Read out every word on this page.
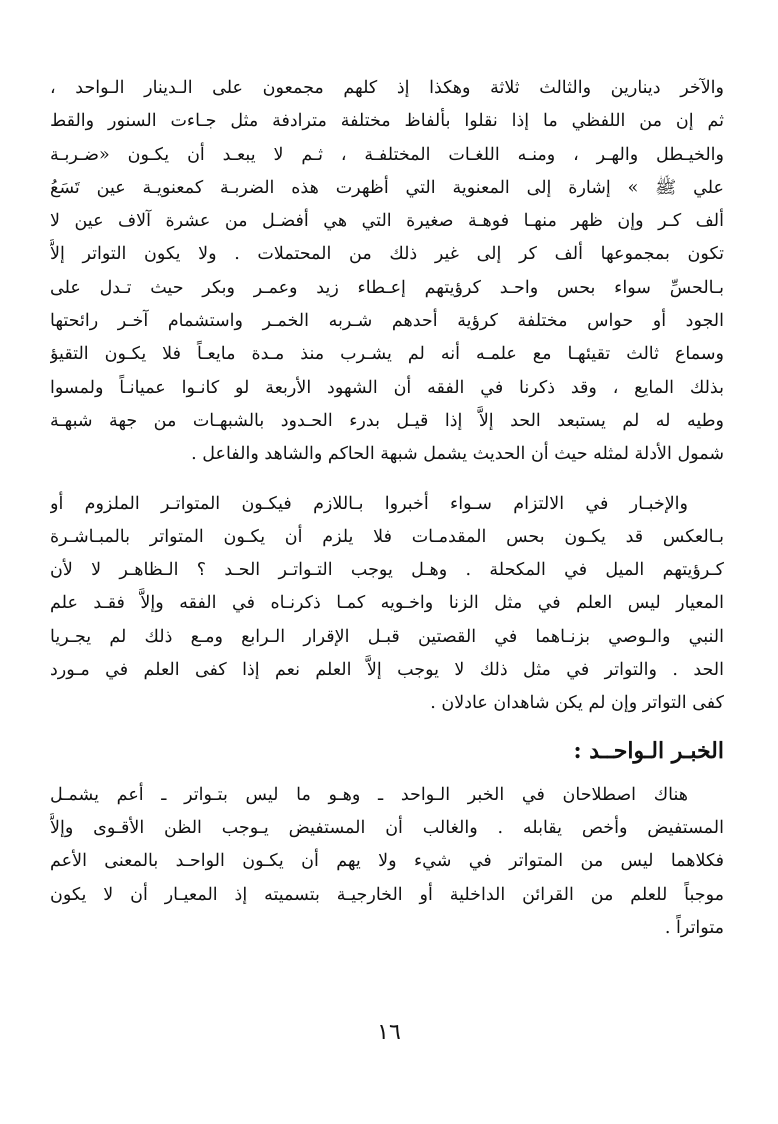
والآخر دينارين والثالث ثلاثة وهكذا إذ كلهم مجمعون على الـدينار الـواحد ،
ثم إن من اللفظي ما إذا نقلوا بألفاظ مختلفة مترادفة مثل جـاءت السنور والقط
والخيـطل والهـر ، ومنـه اللغـات المختلفـة ، ثـم لا يبعـد أن يكـون «ضـربـة
علي ﷺ » إشارة إلى المعنوية التي أظهرت هذه الضربـة كمعنويـة عين تَسَعُ
ألف كـر وإن ظهر منهـا فوهـة صغيرة التي هي أفضـل من عشرة آلاف عين لا
تكون بمجموعها ألف كر إلى غير ذلك من المحتملات . ولا يكون التواتر إلاَّ
بـالحسِّ سواء بحس واحـد كرؤيتهم إعـطاء زيد وعمـر وبكر حيث تـدل على
الجود أو حواس مختلفة كرؤية أحدهم شـربه الخمـر واستشمام آخـر رائحتها
وسماع ثالث تقيئهـا مع علمـه أنه لم يشـرب منذ مـدة مايعـاً فلا يكـون التقيؤ
بذلك المايع ، وقد ذكرنا في الفقه أن الشهود الأربعة لو كانـوا عميانـاً ولمسوا
وطيه له لم يستبعد الحد إلاَّ إذا قيـل بدرء الحـدود بالشبهـات من جهة شبهـة
شمول الأدلة لمثله حيث أن الحديث يشمل شبهة الحاكم والشاهد والفاعل .
والإخبـار في الالتزام سـواء أخبروا بـاللازم فيكـون المتواتـر الملزوم أو
بـالعكس قد يكـون بحس المقدمـات فلا يلزم أن يكـون المتواتر بالمبـاشـرة
كـرؤيتهم الميل في المكحلة . وهـل يوجب التـواتـر الحـد ؟ الـظاهـر لا لأن
المعيار ليس العلم في مثل الزنا واخـويه كمـا ذكرنـاه في الفقه وإلاَّ فقـد علم
النبي والـوصي بزنـاهما في القصتين قبـل الإقرار الـرابع ومـع ذلك لم يجـريا
الحد . والتواتر في مثل ذلك لا يوجب إلاَّ العلم نعم إذا كفى العلم في مـورد
كفى التواتر وإن لم يكن شاهدان عادلان .
الخبـر الـواحــد :
هناك اصطلاحان في الخبر الـواحد ـ وهـو ما ليس بتـواتر ـ أعم يشمـل
المستفيض وأخص يقابله . والغالب أن المستفيض يـوجب الظن الأقـوى وإلاَّ
فكلاهما ليس من المتواتر في شيء ولا يهم أن يكـون الواحـد بالمعنى الأعم
موجباً للعلم من القرائن الداخلية أو الخارجيـة بتسميته إذ المعيـار أن لا يكون
متواتراً .
١٦
